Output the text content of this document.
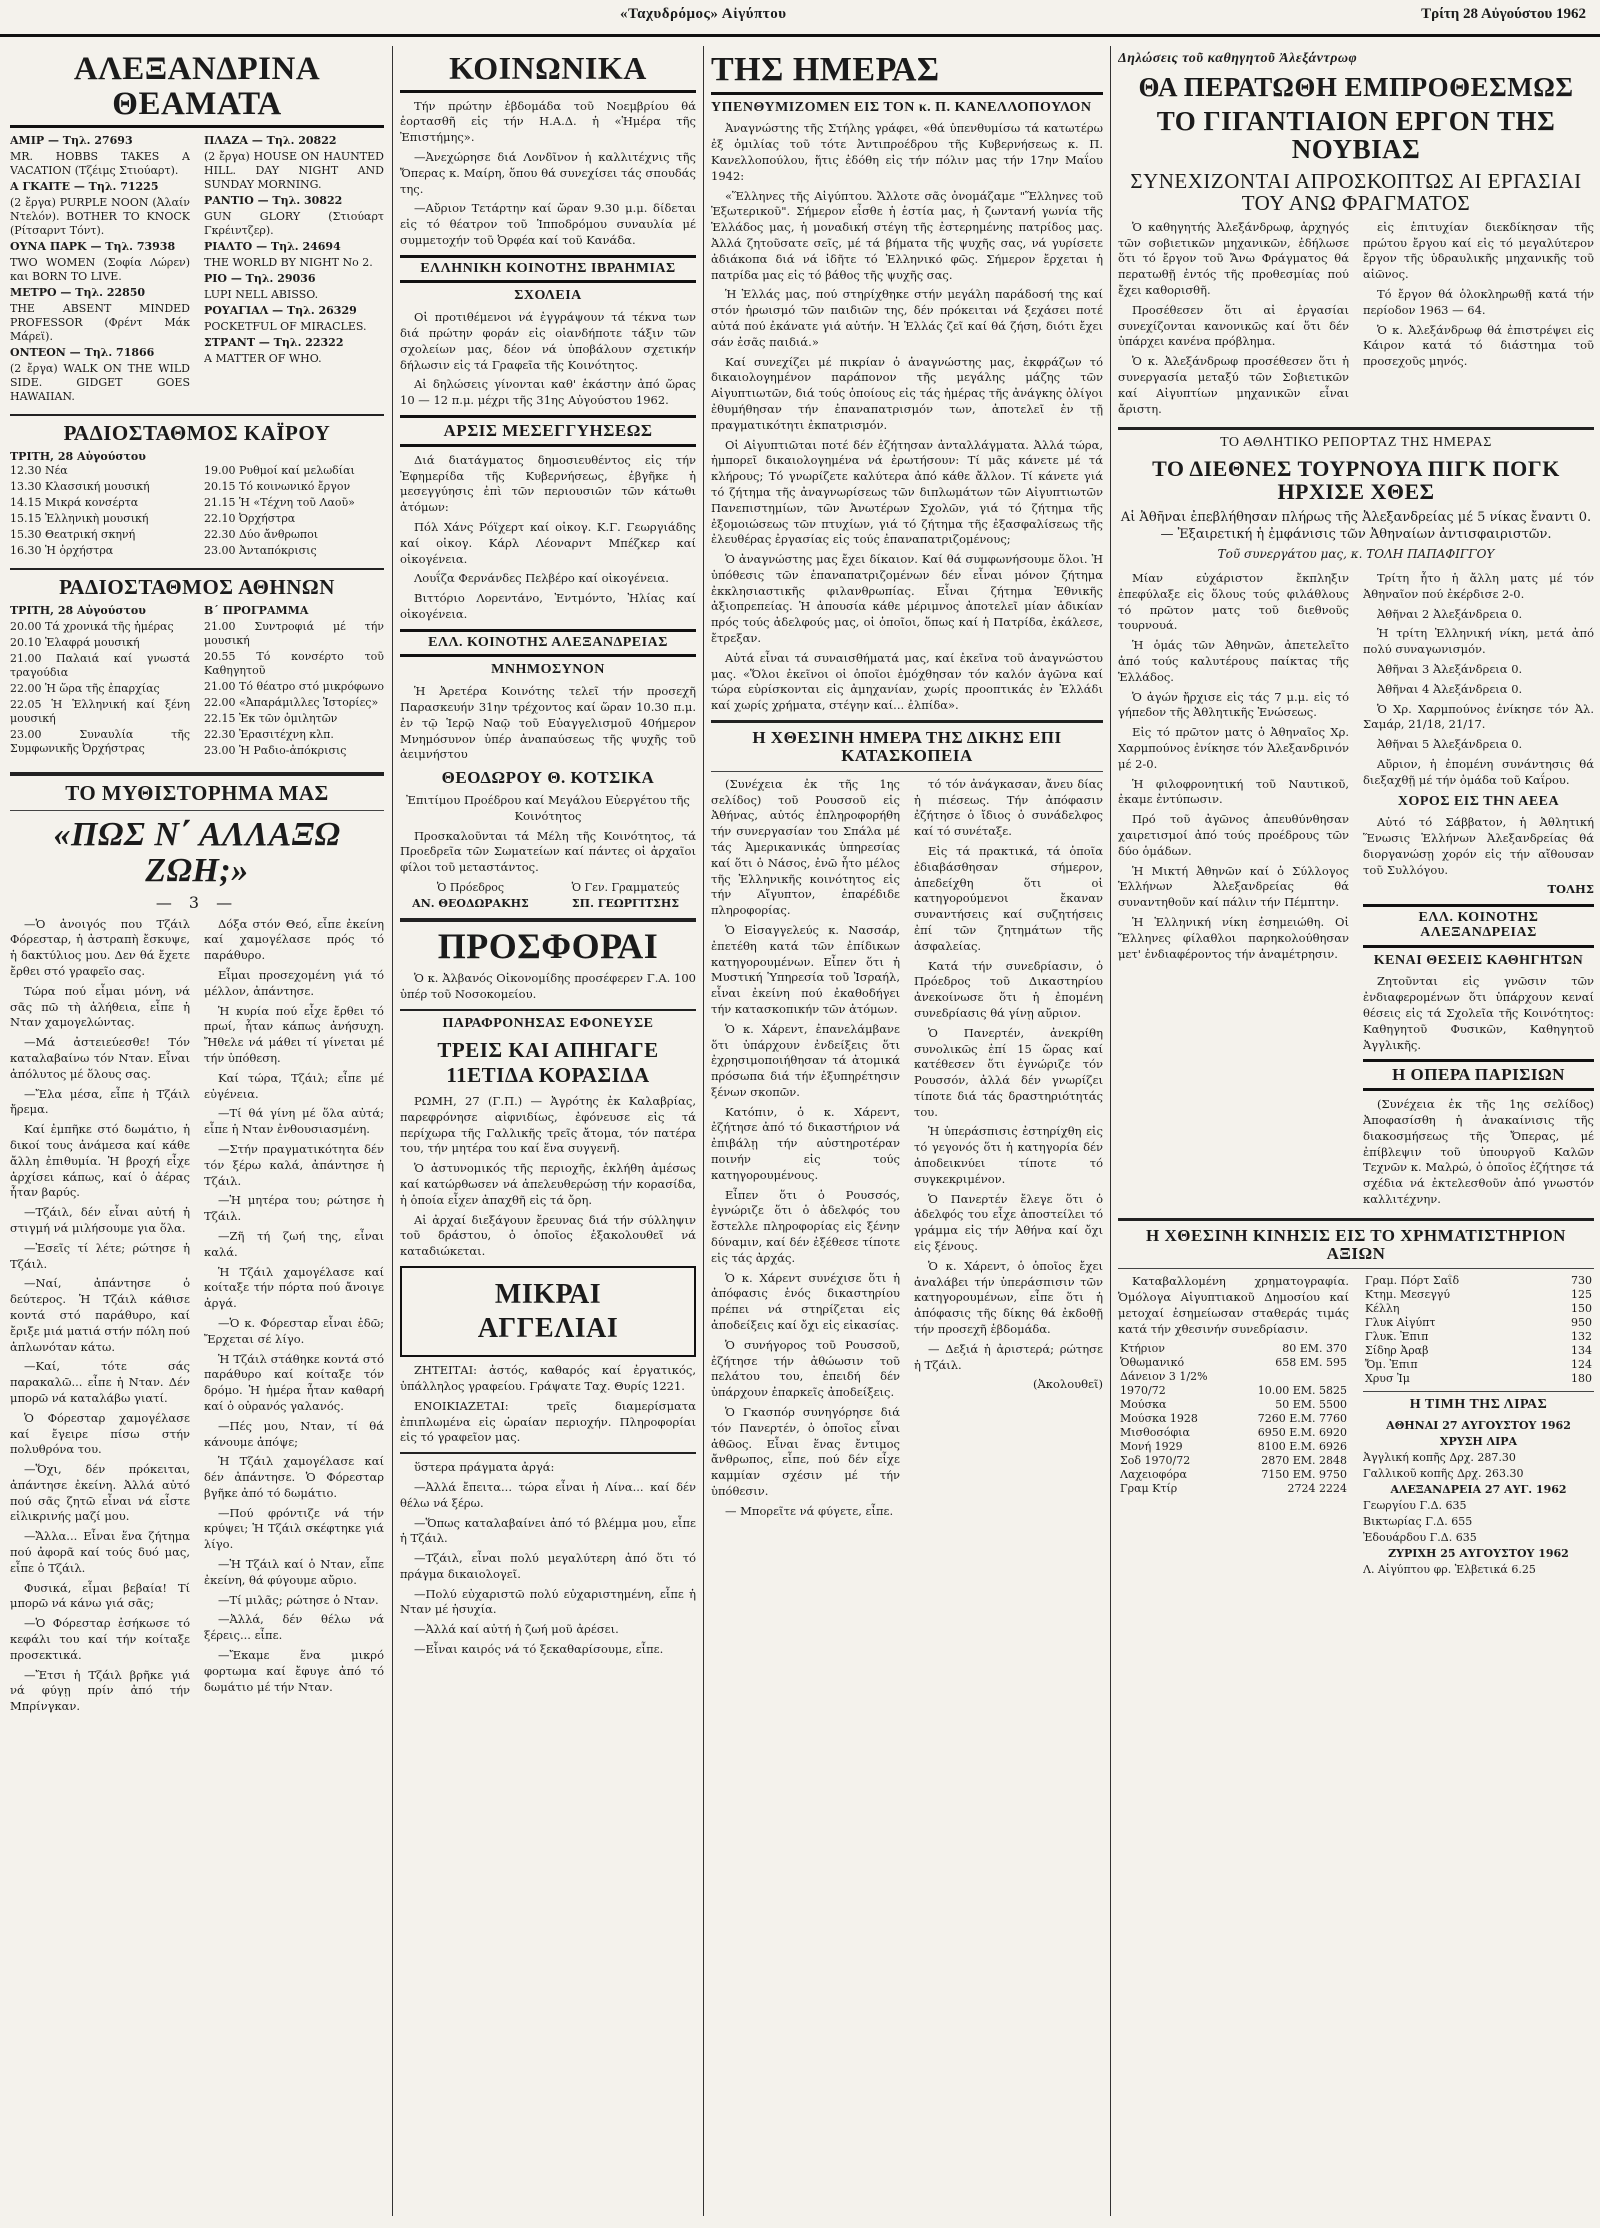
«Ταχυδρόμος» Αἰγύπτου	Τρίτη 28 Αὐγούστου 1962
ΑΛΕΞΑΝΔΡΙΝΑ ΘΕΑΜΑΤΑ
ΑΜΙΡ — Τηλ. 27693
MR. HOBBS TAKES A VACATION (Τζέιμς Στιούαρτ).
Α ΓΚΑΙΤΕ — Τηλ. 71225
(2 ἔργα) PURPLE NOON (Ἀλαίν Ντελόν). BOTHER TO KNOCK (Ρίτσαρντ Τόντ).
ΟΥΝΑ ΠΑΡΚ — Τηλ. 73938
TWO WOMEN (Σοφία Λώρεν) και BORN TO LIVE.
ΜΕΤΡΟ — Τηλ. 22850
THE ABSENT MINDED PROFESSOR (Φρέντ Μάκ Μάρεϊ).
ΟΝΤΕΟΝ — Τηλ. 71866
(2 ἔργα) WALK ON THE WILD SIDE. GIDGET GOES HAWAIIAN.
ΠΛΑΖΑ — Τηλ. 20822
(2 ἔργα) HOUSE ON HAUNTED HILL. DAY NIGHT AND SUNDAY MORNING.
ΡΑΝΤΙΟ — Τηλ. 30822
GUN GLORY (Στιούαρτ Γκρέιντζερ).
ΡΙΑΛΤΟ — Τηλ. 24694
THE WORLD BY NIGHT No 2.
ΡΙΟ — Τηλ. 29036
LUPI NELL ABISSO.
ΡΟΥΑΓΙΑΛ — Τηλ. 26329
POCKETFUL OF MIRACLES.
ΣΤΡΑΝΤ — Τηλ. 22322
A MATTER OF WHO.
ΡΑΔΙΟΣΤΑΘΜΟΣ ΚΑΪΡΟΥ
ΤΡΙΤΗ, 28 Αὐγούστου
12.30 Νέα
13.30 Κλασσική μουσική
14.15 Μικρά κονσέρτα
15.15 Ἑλληνικὴ μουσική
15.30 Θεατρική σκηνή
16.30 Ἡ ὀρχήστρα
19.00 Ρυθμοί καί μελωδίαι
20.15 Τό κοινωνικό ἔργον
21.15 Ἡ «Τέχνη τοῦ Λαοῦ»
22.10 Ὀρχήστρα
22.30 Δύο ἄνθρωποι
23.00 Ἀνταπόκρισις
ΡΑΔΙΟΣΤΑΘΜΟΣ ΑΘΗΝΩΝ
ΤΡΙΤΗ, 28 Αὐγούστου
20.00 Τά χρονικά τῆς ἡμέρας
20.10 Ἐλαφρά μουσική
21.00 Παλαιά καί γνωστά τραγούδια
22.00 Ἡ ὥρα τῆς ἐπαρχίας
22.05 Ἡ Ἑλληνική καί ξένη μουσική
23.00 Συναυλία τῆς Συμφωνικῆς Ὀρχήστρας
Β΄ ΠΡΟΓΡΑΜΜΑ
21.00 Συντροφιά μέ τήν μουσική
20.55 Τό κονσέρτο τοῦ Καθηγητοῦ
21.00 Τό θέατρο στό μικρόφωνο
22.00 «Ἀπαράμιλλες Ἱστορίες»
22.15 Ἐκ τῶν ὁμιλητῶν
22.30 Ἐρασιτέχνη κλπ.
23.00 Ἡ Ραδιο-ἀπόκρισις
ΤΟ ΜΥΘΙΣΤΟΡΗΜΑ ΜΑΣ
«ΠΩΣ Ν΄ ΑΛΛΑΞΩ ΖΩΗ;»
— 3 —

—Ὁ ἀνοιγός που Τζάιλ Φόρεσταρ, ἡ ἀστραπὴ ἔσκυψε, ἡ δακτύλιος μου. Δεν θά ἔχετε ἔρθει στό γραφεῖο σας.

Τώρα πού εἶμαι μόνη, νά σᾶς πῶ τὴ ἀλήθεια, εἶπε ἡ Νταν χαμογελώντας.

—Μά ἀστειεύεσθε! Τόν καταλαβαίνω τόν Νταν. Εἶναι ἀπόλυτος μέ ὅλους σας.

—Ἔλα μέσα, εἶπε ἡ Τζάιλ ἤρεμα.

Καί ἐμπῆκε στό δωμάτιο, ἡ δικοί τους ἀνάμεσα καί κάθε ἄλλη ἐπιθυμία. Ἡ βροχή εἶχε ἀρχίσει κάπως, καί ὁ ἀέρας ἦταν βαρύς.

—Τζάιλ, δέν εἶναι αὐτή ἡ στιγμή νά μιλήσουμε για ὅλα.

—Ἐσεῖς τί λέτε; ρώτησε ἡ Τζάιλ.

—Ναί, ἀπάντησε ὁ δεύτερος. Ἡ Τζάιλ κάθισε κοντά στό παράθυρο, καί ἔριξε μιά ματιά στήν πόλη πού ἀπλωνόταν κάτω.

—Καί, τότε σάς παρακαλῶ... εἶπε ἡ Νταν. Δέν μπορῶ νά καταλάβω γιατί.

Ὁ Φόρεσταρ χαμογέλασε καί ἔγειρε πίσω στήν πολυθρόνα του.

—Ὅχι, δέν πρόκειται, ἀπάντησε ἐκείνη. Ἀλλά αὐτό πού σᾶς ζητῶ εἶναι νά εἶστε εἰλικρινής μαζί μου.

—Ἄλλα... Εἶναι ἕνα ζήτημα πού ἀφορᾶ καί τούς δυό μας, εἶπε ὁ Τζάιλ.

Φυσικά, εἶμαι βεβαία! Τί μπορῶ νά κάνω γιά σᾶς;

—Ὁ Φόρεσταρ ἐσήκωσε τό κεφάλι του καί τήν κοίταξε προσεκτικά.

—Ἔτσι ἡ Τζάιλ βρῆκε γιά νά φύγῃ πρίν ἀπό τήν Μπρίνγκαν.

Δόξα στόν Θεό, εἶπε ἐκείνη καί χαμογέλασε πρός τό παράθυρο.

Εἶμαι προσεχομένη γιά τό μέλλον, ἀπάντησε.

Ἡ κυρία πού εἶχε ἔρθει τό πρωί, ἦταν κάπως ἀνήσυχη. Ἤθελε νά μάθει τί γίνεται μέ τήν ὑπόθεση.

Καί τώρα, Τζάιλ; εἶπε μέ εὐγένεια.

—Τί θά γίνη μέ ὅλα αὐτά; εἶπε ἡ Νταν ἐνθουσιασμένη.

—Στήν πραγματικότητα δέν τόν ξέρω καλά, ἀπάντησε ἡ Τζάιλ.

—Ἡ μητέρα του; ρώτησε ἡ Τζάιλ.

—Ζῆ τή ζωή της, εἶναι καλά.

Ἡ Τζάιλ χαμογέλασε καί κοίταξε τήν πόρτα πού ἄνοιγε ἀργά.

—Ὁ κ. Φόρεσταρ εἶναι ἐδῶ; Ἔρχεται σέ λίγο.

Ἡ Τζάιλ στάθηκε κοντά στό παράθυρο καί κοίταξε τόν δρόμο. Ἡ ἡμέρα ἦταν καθαρή καί ὁ οὐρανός γαλανός.

—Πές μου, Νταν, τί θά κάνουμε ἀπόψε;

Ἡ Τζάιλ χαμογέλασε καί δέν ἀπάντησε. Ὁ Φόρεσταρ βγῆκε ἀπό τό δωμάτιο.

—Πού φρόντιζε νά τήν κρύψει; Ἡ Τζάιλ σκέφτηκε γιά λίγο.

—Ἡ Τζάιλ καί ὁ Νταν, εἶπε ἐκείνη, θά φύγουμε αὔριο.

—Τί μιλᾶς; ρώτησε ὁ Νταν.

—Ἀλλά, δέν θέλω νά ξέρεις... εἶπε.

—Ἔκαμε ἕνα μικρό φορτωμα καί ἔφυγε ἀπό τό δωμάτιο μέ τήν Νταν.

ΚΟΙΝΩΝΙΚΑ

Τήν πρώτην ἑβδομάδα τοῦ Νοεμβρίου θά ἑορτασθῆ εἰς τήν Η.Α.Δ. ἡ «Ἡμέρα τῆς Ἐπιστήμης».

—Ἀνεχώρησε διά Λονδῖνον ἡ καλλιτέχνις τῆς Ὄπερας κ. Μαίρη, ὅπου θά συνεχίσει τάς σπουδάς της.

—Αὔριον Τετάρτην καί ὥραν 9.30 μ.μ. δίδεται εἰς τό θέατρον τοῦ Ἱπποδρόμου συναυλία μέ συμμετοχήν τοῦ Ὀρφέα καί τοῦ Κανάδα.

ΕΛΛΗΝΙΚΗ ΚΟΙΝΟΤΗΣ ΙΒΡΑΗΜΙΑΣ
ΣΧΟΛΕΙΑ

Οἱ προτιθέμενοι νά ἐγγράψουν τά τέκνα των διά πρώτην φοράν εἰς οἱανδήποτε τάξιν τῶν σχολείων μας, δέον νά ὑποβάλουν σχετικήν δήλωσιν εἰς τά Γραφεῖα τῆς Κοινότητος.

Αἱ δηλώσεις γίνονται καθ' ἑκάστην ἀπό ὥρας 10 — 12 π.μ. μέχρι τῆς 31ης Αὐγούστου 1962.

ΑΡΣΙΣ ΜΕΣΕΓΓΥΗΣΕΩΣ

Διά διατάγματος δημοσιευθέντος εἰς τήν Ἐφημερίδα τῆς Κυβερνήσεως, ἐβγῆκε ἡ μεσεγγύησις ἐπὶ τῶν περιουσιῶν τῶν κάτωθι ἀτόμων:

Πόλ Χάνς Ρόϊχερτ καί οἰκογ. Κ.Γ. Γεωργιάδης καί οἰκογ. Κάρλ Λέοναρντ Μπέζκερ καί οἰκογένεια.

Λουΐζα Φερνάνδες Πελβέρο καί οἰκογένεια.

Βιττόριο Λορεντάνο, Ἐντμόντο, Ἠλίας καί οἰκογένεια.

ΕΛΛ. ΚΟΙΝΟΤΗΣ ΑΛΕΞΑΝΔΡΕΙΑΣ
ΜΝΗΜΟΣΥΝΟΝ

Ἡ Ἀρετέρα Κοινότης τελεῖ τήν προσεχῆ Παρασκευήν 31ην τρέχοντος καί ὥραν 10.30 π.μ. ἐν τῷ Ἱερῷ Ναῷ τοῦ Εὐαγγελισμοῦ 40ήμερον Μνημόσυνον ὑπέρ ἀναπαύσεως τῆς ψυχῆς τοῦ ἀειμνήστου

ΘΕΟΔΩΡΟΥ Θ. ΚΟΤΣΙΚΑ

Ἐπιτίμου Προέδρου καί Μεγάλου Εὐεργέτου τῆς Κοινότητος

Προσκαλοῦνται τά Μέλη τῆς Κοινότητος, τά Προεδρεῖα τῶν Σωματείων καί πάντες οἱ ἀρχαῖοι φίλοι τοῦ μεταστάντος.

Ὁ Πρόεδρος
ΑΝ. ΘΕΟΔΩΡΑΚΗΣ
Ὁ Γεν. Γραμματεύς
ΣΠ. ΓΕΩΡΓΙΤΣΗΣ
ΠΡΟΣΦΟΡΑΙ

Ὁ κ. Ἀλβανός Οἰκονομίδης προσέφερεν Γ.Α. 100 ὑπέρ τοῦ Νοσοκομείου.

ΠΑΡΑΦΡΟΝΗΣΑΣ ΕΦΟΝΕΥΣΕ
ΤΡΕΙΣ ΚΑΙ ΑΠΗΓΑΓΕ 11ΕΤΙΔΑ ΚΟΡΑΣΙΔΑ

ΡΩΜΗ, 27 (Γ.Π.) — Ἀγρότης ἐκ Καλαβρίας, παρεφρόνησε αἰφνιδίως, ἐφόνευσε εἰς τά περίχωρα τῆς Γαλλικῆς τρεῖς ἄτομα, τόν πατέρα του, τήν μητέρα του καί ἕνα συγγενῆ.

Ὁ ἀστυνομικός τῆς περιοχῆς, ἐκλήθη ἀμέσως καί κατώρθωσεν νά ἀπελευθερώσῃ τήν κορασίδα, ἡ ὁποία εἶχεν ἀπαχθῆ εἰς τά ὄρη.

Αἱ ἀρχαί διεξάγουν ἔρευνας διά τήν σύλληψιν τοῦ δράστου, ὁ ὁποῖος ἐξακολουθεῖ νά καταδιώκεται.

ΜΙΚΡΑΙ ΑΓΓΕΛΙΑΙ

ΖΗΤΕΙΤΑΙ: ἀστός, καθαρός καί ἐργατικός, ὑπάλληλος γραφείου. Γράψατε Ταχ. Θυρίς 1221.

ΕΝΟΙΚΙΑΖΕΤΑΙ: τρεῖς διαμερίσματα ἐπιπλωμένα εἰς ὡραίαν περιοχήν. Πληροφορίαι εἰς τό γραφεῖον μας.

ὕστερα πράγματα ἀργά:

—Ἀλλά ἔπειτα... τώρα εἶναι ἡ Λίνα... καί δέν θέλω νά ξέρω.

—Ὅπως καταλαβαίνει ἀπό τό βλέμμα μου, εἶπε ἡ Τζάιλ.

—Τζάιλ, εἶναι πολύ μεγαλύτερη ἀπό ὅτι τό πράγμα δικαιολογεῖ.

—Πολύ εὐχαριστῶ πολύ εὐχαριστημένη, εἶπε ἡ Νταν μέ ἡσυχία.

—Ἀλλά καί αὐτή ἡ ζωή μοῦ ἀρέσει.

—Εἶναι καιρός νά τό ξεκαθαρίσουμε, εἶπε.

ΤΗΣ ΗΜΕΡΑΣ
ΥΠΕΝΘΥΜΙΖΟΜΕΝ ΕΙΣ ΤΟΝ κ. Π. ΚΑΝΕΛΛΟΠΟΥΛΟΝ

Ἀναγνώστης τῆς Στήλης γράφει, «θά ὑπενθυμίσω τά κατωτέρω ἐξ ὁμιλίας τοῦ τότε Ἀντιπροέδρου τῆς Κυβερνήσεως κ. Π. Κανελλοπούλου, ἥτις ἐδόθη εἰς τήν πόλιν μας τήν 17ην Μαΐου 1942:

«Ἕλληνες τῆς Αἰγύπτου. Ἄλλοτε σᾶς ὀνομάζαμε "Ἕλληνες τοῦ Ἐξωτερικοῦ". Σήμερον εἶσθε ἡ ἑστία μας, ἡ ζωντανή γωνία τῆς Ἑλλάδος μας, ἡ μοναδική στέγη τῆς ἐστερημένης πατρίδος μας. Ἀλλά ζητοῦσατε σεῖς, μέ τά βήματα τῆς ψυχῆς σας, νά γυρίσετε ἀδιάκοπα διά νά ἰδῆτε τό Ἑλληνικό φῶς. Σήμερον ἔρχεται ἡ πατρίδα μας εἰς τό βάθος τῆς ψυχῆς σας.

Ἡ Ἑλλάς μας, πού στηρίχθηκε στήν μεγάλη παράδοσή της καί στόν ἡρωισμό τῶν παιδιῶν της, δέν πρόκειται νά ξεχάσει ποτέ αὐτά πού ἐκάνατε γιά αὐτήν. Ἡ Ἑλλάς ζεῖ καί θά ζήση, διότι ἔχει σάν ἐσᾶς παιδιά.»

Καί συνεχίζει μέ πικρίαν ὁ ἀναγνώστης μας, ἐκφράζων τό δικαιολογημένον παράπονον τῆς μεγάλης μάζης τῶν Αἰγυπτιωτῶν, διά τούς ὁποίους εἰς τάς ἡμέρας τῆς ἀνάγκης ὀλίγοι ἐθυμήθησαν τήν ἐπαναπατρισμόν των, ἀποτελεῖ ἐν τῇ πραγματικότητι ἐκπατρισμόν.

Οἱ Αἰγυπτιῶται ποτέ δέν ἐζήτησαν ἀνταλλάγματα. Ἀλλά τώρα, ἠμπορεῖ δικαιολογημένα νά ἐρωτήσουν: Τί μᾶς κάνετε μέ τά κλήρους; Τό γνωρίζετε καλύτερα ἀπό κάθε ἄλλον. Τί κάνετε γιά τό ζήτημα τῆς ἀναγνωρίσεως τῶν διπλωμάτων τῶν Αἰγυπτιωτῶν Πανεπιστημίων, τῶν Ἀνωτέρων Σχολῶν, γιά τό ζήτημα τῆς ἐξομοιώσεως τῶν πτυχίων, γιά τό ζήτημα τῆς ἐξασφαλίσεως τῆς ἐλευθέρας ἐργασίας εἰς τούς ἐπαναπατριζομένους;

Ὁ ἀναγνώστης μας ἔχει δίκαιον. Καί θά συμφωνήσουμε ὅλοι. Ἡ ὑπόθεσις τῶν ἐπαναπατριζομένων δέν εἶναι μόνον ζήτημα ἐκκλησιαστικῆς φιλανθρωπίας. Εἶναι ζήτημα Ἐθνικῆς ἀξιοπρεπείας. Ἡ ἀπουσία κάθε μέριμνος ἀποτελεῖ μίαν ἀδικίαν πρός τούς ἀδελφούς μας, οἱ ὁποῖοι, ὅπως καί ἡ Πατρίδα, ἐκάλεσε, ἔτρεξαν.

Αὐτά εἶναι τά συναισθήματά μας, καί ἐκεῖνα τοῦ ἀναγνώστου μας. «Ὅλοι ἐκεῖνοι οἱ ὁποῖοι ἐμόχθησαν τόν καλόν ἀγῶνα καί τώρα εὑρίσκονται εἰς ἀμηχανίαν, χωρίς προοπτικάς ἐν Ἑλλάδι καί χωρίς χρήματα, στέγην καί... ἐλπίδα».

Η ΧΘΕΣΙΝΗ ΗΜΕΡΑ ΤΗΣ ΔΙΚΗΣ ΕΠΙ ΚΑΤΑΣΚΟΠΕΙΑ

(Συνέχεια ἐκ τῆς 1ης σελίδος) τοῦ Ρουσσοῦ εἰς Ἀθήνας, αὐτός ἐπληροφορήθη τήν συνεργασίαν του Σπάλα μέ τάς Ἀμερικανικάς ὑπηρεσίας καί ὅτι ὁ Νάσος, ἐνῶ ἦτο μέλος τῆς Ἑλληνικῆς κοινότητος εἰς τήν Αἴγυπτον, ἐπαρέδιδε πληροφορίας.

Ὁ Εἰσαγγελεύς κ. Νασσάρ, ἐπετέθη κατά τῶν ἐπίδικων κατηγορουμένων. Εἶπεν ὅτι ἡ Μυστική Ὑπηρεσία τοῦ Ἰσραήλ, εἶναι ἐκείνη πού ἐκαθοδήγει τήν κατασκοπικήν τῶν ἀτόμων.

Ὁ κ. Χάρεντ, ἐπανελάμβανε ὅτι ὑπάρχουν ἐνδείξεις ὅτι ἐχρησιμοποιήθησαν τά ἀτομικά πρόσωπα διά τήν ἐξυπηρέτησιν ξένων σκοπῶν.

Κατόπιν, ὁ κ. Χάρεντ, ἐζήτησε ἀπό τό δικαστήριον νά ἐπιβάλῃ τήν αὐστηροτέραν ποινήν εἰς τούς κατηγορουμένους.

Εἶπεν ὅτι ὁ Ρουσσός, ἐγνώριζε ὅτι ὁ ἀδελφός του ἔστελλε πληροφορίας εἰς ξένην δύναμιν, καί δέν ἐξέθεσε τίποτε εἰς τάς ἀρχάς.

Ὁ κ. Χάρεντ συνέχισε ὅτι ἡ ἀπόφασις ἑνός δικαστηρίου πρέπει νά στηρίζεται εἰς ἀποδείξεις καί ὄχι εἰς εἰκασίας.

Ὁ συνήγορος τοῦ Ρουσσοῦ, ἐζήτησε τήν ἀθώωσιν τοῦ πελάτου του, ἐπειδή δέν ὑπάρχουν ἐπαρκεῖς ἀποδείξεις.

Ὁ Γκασπόρ συνηγόρησε διά τόν Πανερτέν, ὁ ὁποῖος εἶναι ἀθῶος. Εἶναι ἕνας ἔντιμος ἄνθρωπος, εἶπε, πού δέν εἶχε καμμίαν σχέσιν μέ τήν ὑπόθεσιν.

— Μπορεῖτε νά φύγετε, εἶπε.

τό τόν ἀνάγκασαν, ἄνευ δίας ἡ πιέσεως. Τήν ἀπόφασιν ἐζήτησε ὁ ἴδιος ὁ συνάδελφος καί τό συνέταξε.

Εἰς τά πρακτικά, τά ὁποῖα ἐδιαβάσθησαν σήμερον, ἀπεδείχθη ὅτι οἱ κατηγορούμενοι ἔκαναν συναντήσεις καί συζητήσεις ἐπί τῶν ζητημάτων τῆς ἀσφαλείας.

Κατά τήν συνεδρίασιν, ὁ Πρόεδρος τοῦ Δικαστηρίου ἀνεκοίνωσε ὅτι ἡ ἐπομένη συνεδρίασις θά γίνῃ αὔριον.

Ὁ Πανερτέν, ἀνεκρίθη συνολικῶς ἐπί 15 ὥρας καί κατέθεσεν ὅτι ἐγνώριζε τόν Ρουσσόν, ἀλλά δέν γνωρίζει τίποτε διά τάς δραστηριότητάς του.

Ἡ ὑπεράσπισις ἐστηρίχθη εἰς τό γεγονός ὅτι ἡ κατηγορία δέν ἀποδεικνύει τίποτε τό συγκεκριμένον.

Ὁ Πανερτέν ἔλεγε ὅτι ὁ ἀδελφός του εἶχε ἀποστείλει τό γράμμα εἰς τήν Ἀθήνα καί ὄχι εἰς ξένους.

Ὁ κ. Χάρεντ, ὁ ὁποῖος ἔχει ἀναλάβει τήν ὑπεράσπισιν τῶν κατηγορουμένων, εἶπε ὅτι ἡ ἀπόφασις τῆς δίκης θά ἐκδοθῇ τήν προσεχῆ ἑβδομάδα.

— Δεξιά ἡ ἀριστερά; ρώτησε ἡ Τζάιλ.

(Ἀκολουθεῖ)

Δηλώσεις τοῦ καθηγητοῦ Ἀλεξάντρωφ
ΘΑ ΠΕΡΑΤΩΘΗ ΕΜΠΡΟΘΕΣΜΩΣ
ΤΟ ΓΙΓΑΝΤΙΑΙΟΝ ΕΡΓΟΝ ΤΗΣ ΝΟΥΒΙΑΣ
ΣΥΝΕΧΙΖΟΝΤΑΙ ΑΠΡΟΣΚΟΠΤΩΣ ΑΙ ΕΡΓΑΣΙΑΙ ΤΟΥ ΑΝΩ ΦΡΑΓΜΑΤΟΣ

Ὁ καθηγητής Ἀλεξάνδρωφ, ἀρχηγός τῶν σοβιετικῶν μηχανικῶν, ἐδήλωσε ὅτι τό ἔργον τοῦ Ἄνω Φράγματος θά περατωθῇ ἐντός τῆς προθεσμίας πού ἔχει καθορισθῆ.

Προσέθεσεν ὅτι αἱ ἐργασίαι συνεχίζονται κανονικῶς καί ὅτι δέν ὑπάρχει κανένα πρόβλημα.

Ὁ κ. Ἀλεξάνδρωφ προσέθεσεν ὅτι ἡ συνεργασία μεταξύ τῶν Σοβιετικῶν καί Αἰγυπτίων μηχανικῶν εἶναι ἄριστη.

εἰς ἐπιτυχίαν διεκδίκησαν τῆς πρώτου ἔργου καί εἰς τό μεγαλύτερον ἔργον τῆς ὑδραυλικῆς μηχανικῆς τοῦ αἰῶνος.

Τό ἔργον θά ὁλοκληρωθῇ κατά τήν περίοδον 1963 — 64.

Ὁ κ. Ἀλεξάνδρωφ θά ἐπιστρέψει εἰς Κάιρον κατά τό διάστημα τοῦ προσεχοῦς μηνός.

ΤΟ ΑΘΛΗΤΙΚΟ ΡΕΠΟΡΤΑΖ ΤΗΣ ΗΜΕΡΑΣ
ΤΟ ΔΙΕΘΝΕΣ ΤΟΥΡΝΟΥΑ ΠΙΓΚ ΠΟΓΚ ΗΡΧΙΣΕ ΧΘΕΣ

Αἱ Ἀθῆναι ἐπεβλήθησαν πλήρως τῆς Ἀλεξανδρείας μέ 5 νίκας ἔναντι 0. — Ἐξαιρετική ἡ ἐμφάνισις τῶν Ἀθηναίων ἀντισφαιριστῶν.

Τοῦ συνεργάτου μας, κ. ΤΟΛΗ ΠΑΠΑΦΙΓΓΟΥ

Μίαν εὐχάριστον ἔκπληξιν ἐπεφύλαξε εἰς ὅλους τούς φιλάθλους τό πρῶτον ματς τοῦ διεθνοῦς τουρνουά.

Ἡ ὁμάς τῶν Ἀθηνῶν, ἀπετελεῖτο ἀπό τούς καλυτέρους παίκτας τῆς Ἑλλάδος.

Ὁ ἀγών ἤρχισε εἰς τάς 7 μ.μ. εἰς τό γήπεδον τῆς Ἀθλητικῆς Ἑνώσεως.

Εἰς τό πρῶτον ματς ὁ Ἀθηναῖος Χρ. Χαρμπούνος ἐνίκησε τόν Ἀλεξανδρινόν μέ 2-0.

Ἡ φιλοφρονητική τοῦ Ναυτικοῦ, ἐκαμε ἐντύπωσιν.

Πρό τοῦ ἀγῶνος ἀπευθύνθησαν χαιρετισμοί ἀπό τούς προέδρους τῶν δύο ὁμάδων.

Ἡ Μικτή Ἀθηνῶν καί ὁ Σύλλογος Ἑλλήνων Ἀλεξανδρείας θά συναντηθοῦν καί πάλιν τήν Πέμπτην.

Ἡ Ἑλληνική νίκη ἐσημειώθη. Οἱ Ἕλληνες φίλαθλοι παρηκολούθησαν μετ' ἐνδιαφέροντος τήν ἀναμέτρησιν.

Τρίτη ἦτο ἡ ἄλλη ματς μέ τόν Ἀθηναῖον πού ἐκέρδισε 2-0.

Ἀθῆναι 2 Ἀλεξάνδρεια 0.

Ἡ τρίτη Ἑλληνική νίκη, μετά ἀπό πολύ συναγωνισμόν.

Ἀθῆναι 3 Ἀλεξάνδρεια 0.

Ἀθῆναι 4 Ἀλεξάνδρεια 0.

Ὁ Χρ. Χαρμπούνος ἐνίκησε τόν Ἀλ. Σαμάρ, 21/18, 21/17.

Ἀθῆναι 5 Ἀλεξάνδρεια 0.

Αὔριον, ἡ ἐπομένη συνάντησις θά διεξαχθῇ μέ τήν ὁμάδα τοῦ Καΐρου.

ΧΟΡΟΣ ΕΙΣ ΤΗΝ ΑΕΕΑ

Αὐτό τό Σάββατον, ἡ Ἀθλητική Ἕνωσις Ἑλλήνων Ἀλεξανδρείας θά διοργανώσῃ χορόν εἰς τήν αἴθουσαν τοῦ Συλλόγου.

ΤΟΛΗΣ

ΕΛΛ. ΚΟΙΝΟΤΗΣ ΑΛΕΞΑΝΔΡΕΙΑΣ
ΚΕΝΑΙ ΘΕΣΕΙΣ ΚΑΘΗΓΗΤΩΝ

Ζητοῦνται εἰς γνῶσιν τῶν ἐνδιαφερομένων ὅτι ὑπάρχουν κεναί θέσεις εἰς τά Σχολεῖα τῆς Κοινότητος: Καθηγητοῦ Φυσικῶν, Καθηγητοῦ Ἀγγλικῆς.

Η ΟΠΕΡΑ ΠΑΡΙΣΙΩΝ

(Συνέχεια ἐκ τῆς 1ης σελίδος) Ἀποφασίσθη ἡ ἀνακαίνισις τῆς διακοσμήσεως τῆς Ὄπερας, μέ ἐπίβλεψιν τοῦ ὑπουργοῦ Καλῶν Τεχνῶν κ. Μαλρώ, ὁ ὁποῖος ἐζήτησε τά σχέδια νά ἐκτελεσθοῦν ἀπό γνωστόν καλλιτέχνην.

Η ΧΘΕΣΙΝΗ ΚΙΝΗΣΙΣ ΕΙΣ ΤΟ ΧΡΗΜΑΤΙΣΤΗΡΙΟΝ ΑΞΙΩΝ

Καταβαλλομένη χρηματογραφία. Ὁμόλογα Αἰγυπτιακοῦ Δημοσίου καί μετοχαί ἐσημείωσαν σταθεράς τιμάς κατά τήν χθεσινήν συνεδρίασιν.

Κτήριον	80 ΕΜ. 370
Ὁθωμανικό	658 ΕΜ. 595
Δάνειον 3 1/2%	
1970/72	10.00 ΕΜ. 5825
Μούσκα	50 ΕΜ. 5500
Μούσκα 1928	7260 Ε.Μ. 7760
Μισθοσόφια	6950 Ε.Μ. 6920
Μονή 1929	8100 Ε.Μ. 6926
Σοδ 1970/72	2870 ΕΜ. 2848
Λαχειοφόρα	7150 ΕΜ. 9750
Γραμ Κτίρ	2724 2224
Γραμ. Πόρτ Σαΐδ	730
Κτημ. Μεσεγγύ	125
Κέλλη	150
Γλυκ Αἰγύπτ	950
Γλυκ. Ἐπιπ	132
Σίδηρ Ἀραβ	134
Ὄμ. Ἐπιπ	124
Χρυσ Ἰμ	180
Η ΤΙΜΗ ΤΗΣ ΛΙΡΑΣ
ΑΘΗΝΑΙ 27 ΑΥΓΟΥΣΤΟΥ 1962
ΧΡΥΣΗ ΛΙΡΑ
Ἀγγλική κοπῆς Δρχ. 287.30
Γαλλικοῦ κοπῆς Δρχ. 263.30
ΑΛΕΞΑΝΔΡΕΙΑ 27 ΑΥΓ. 1962
Γεωργίου Γ.Δ. 635
Βικτωρίας Γ.Δ. 655
Ἐδουάρδου Γ.Δ. 635
ΖΥΡΙΧΗ 25 ΑΥΓΟΥΣΤΟΥ 1962
Λ. Αἰγύπτου φρ. Ἐλβετικά 6.25
